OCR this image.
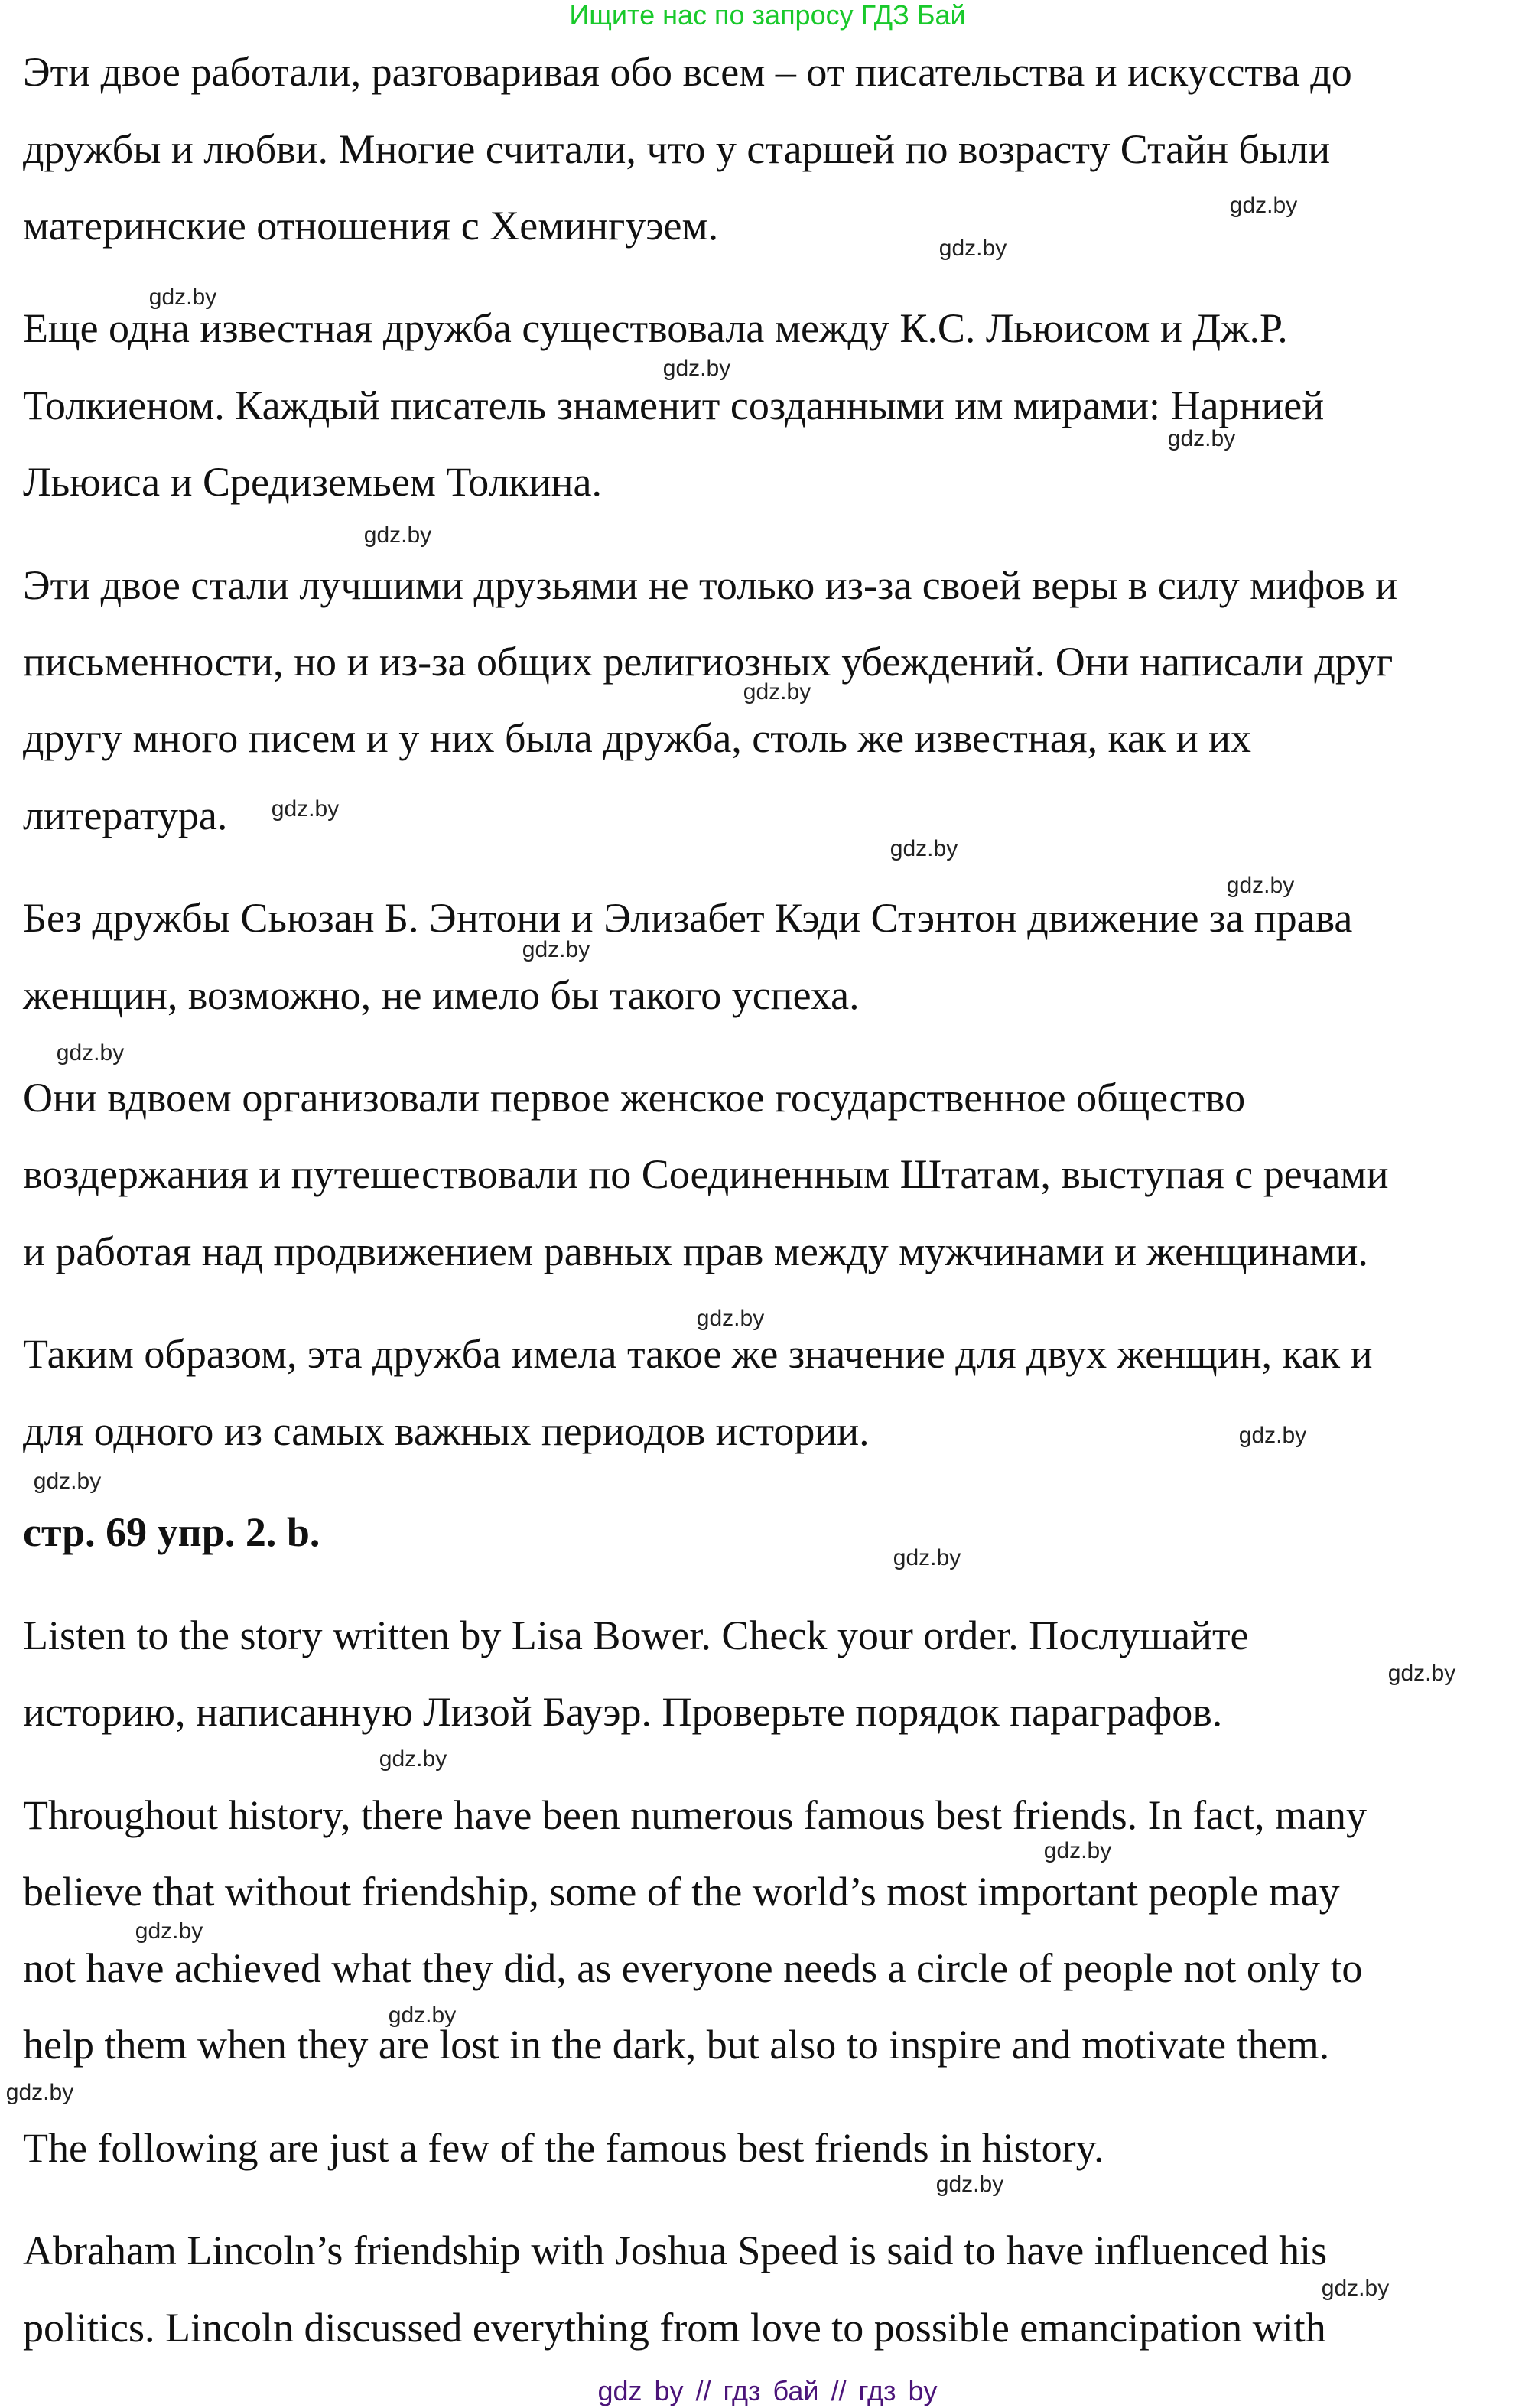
Ищите нас по запросу ГДЗ Бай
Эти двое работали, разговаривая обо всем – от писательства и искусства до
дружбы и любви. Многие считали, что у старшей по возрасту Стайн были
материнские отношения с Хемингуэем.
Еще одна известная дружба существовала между К.С. Льюисом и Дж.Р.
Толкиеном. Каждый писатель знаменит созданными им мирами: Нарнией
Льюиса и Средиземьем Толкина.
Эти двое стали лучшими друзьями не только из-за своей веры в силу мифов и
письменности, но и из-за общих религиозных убеждений. Они написали друг
другу много писем и у них была дружба, столь же известная, как и их
литература.
Без дружбы Сьюзан Б. Энтони и Элизабет Кэди Стэнтон движение за права
женщин, возможно, не имело бы такого успеха.
Они вдвоем организовали первое женское государственное общество
воздержания и путешествовали по Соединенным Штатам, выступая с речами
и работая над продвижением равных прав между мужчинами и женщинами.
Таким образом, эта дружба имела такое же значение для двух женщин, как и
для одного из самых важных периодов истории.
стр. 69 упр. 2. b.
Listen to the story written by Lisa Bower. Check your order. Послушайте
историю, написанную Лизой Бауэр. Проверьте порядок параграфов.
Throughout history, there have been numerous famous best friends. In fact, many
believe that without friendship, some of the world’s most important people may
not have achieved what they did, as everyone needs a circle of people not only to
help them when they are lost in the dark, but also to inspire and motivate them.
The following are just a few of the famous best friends in history.
Abraham Lincoln’s friendship with Joshua Speed is said to have influenced his
politics. Lincoln discussed everything from love to possible emancipation with
gdz.by
gdz.by
gdz.by
gdz.by
gdz.by
gdz.by
gdz.by
gdz.by
gdz.by
gdz.by
gdz.by
gdz.by
gdz.by
gdz.by
gdz.by
gdz.by
gdz.by
gdz.by
gdz.by
gdz.by
gdz.by
gdz.by
gdz.by
gdz.by
gdz by // гдз бай // гдз by
